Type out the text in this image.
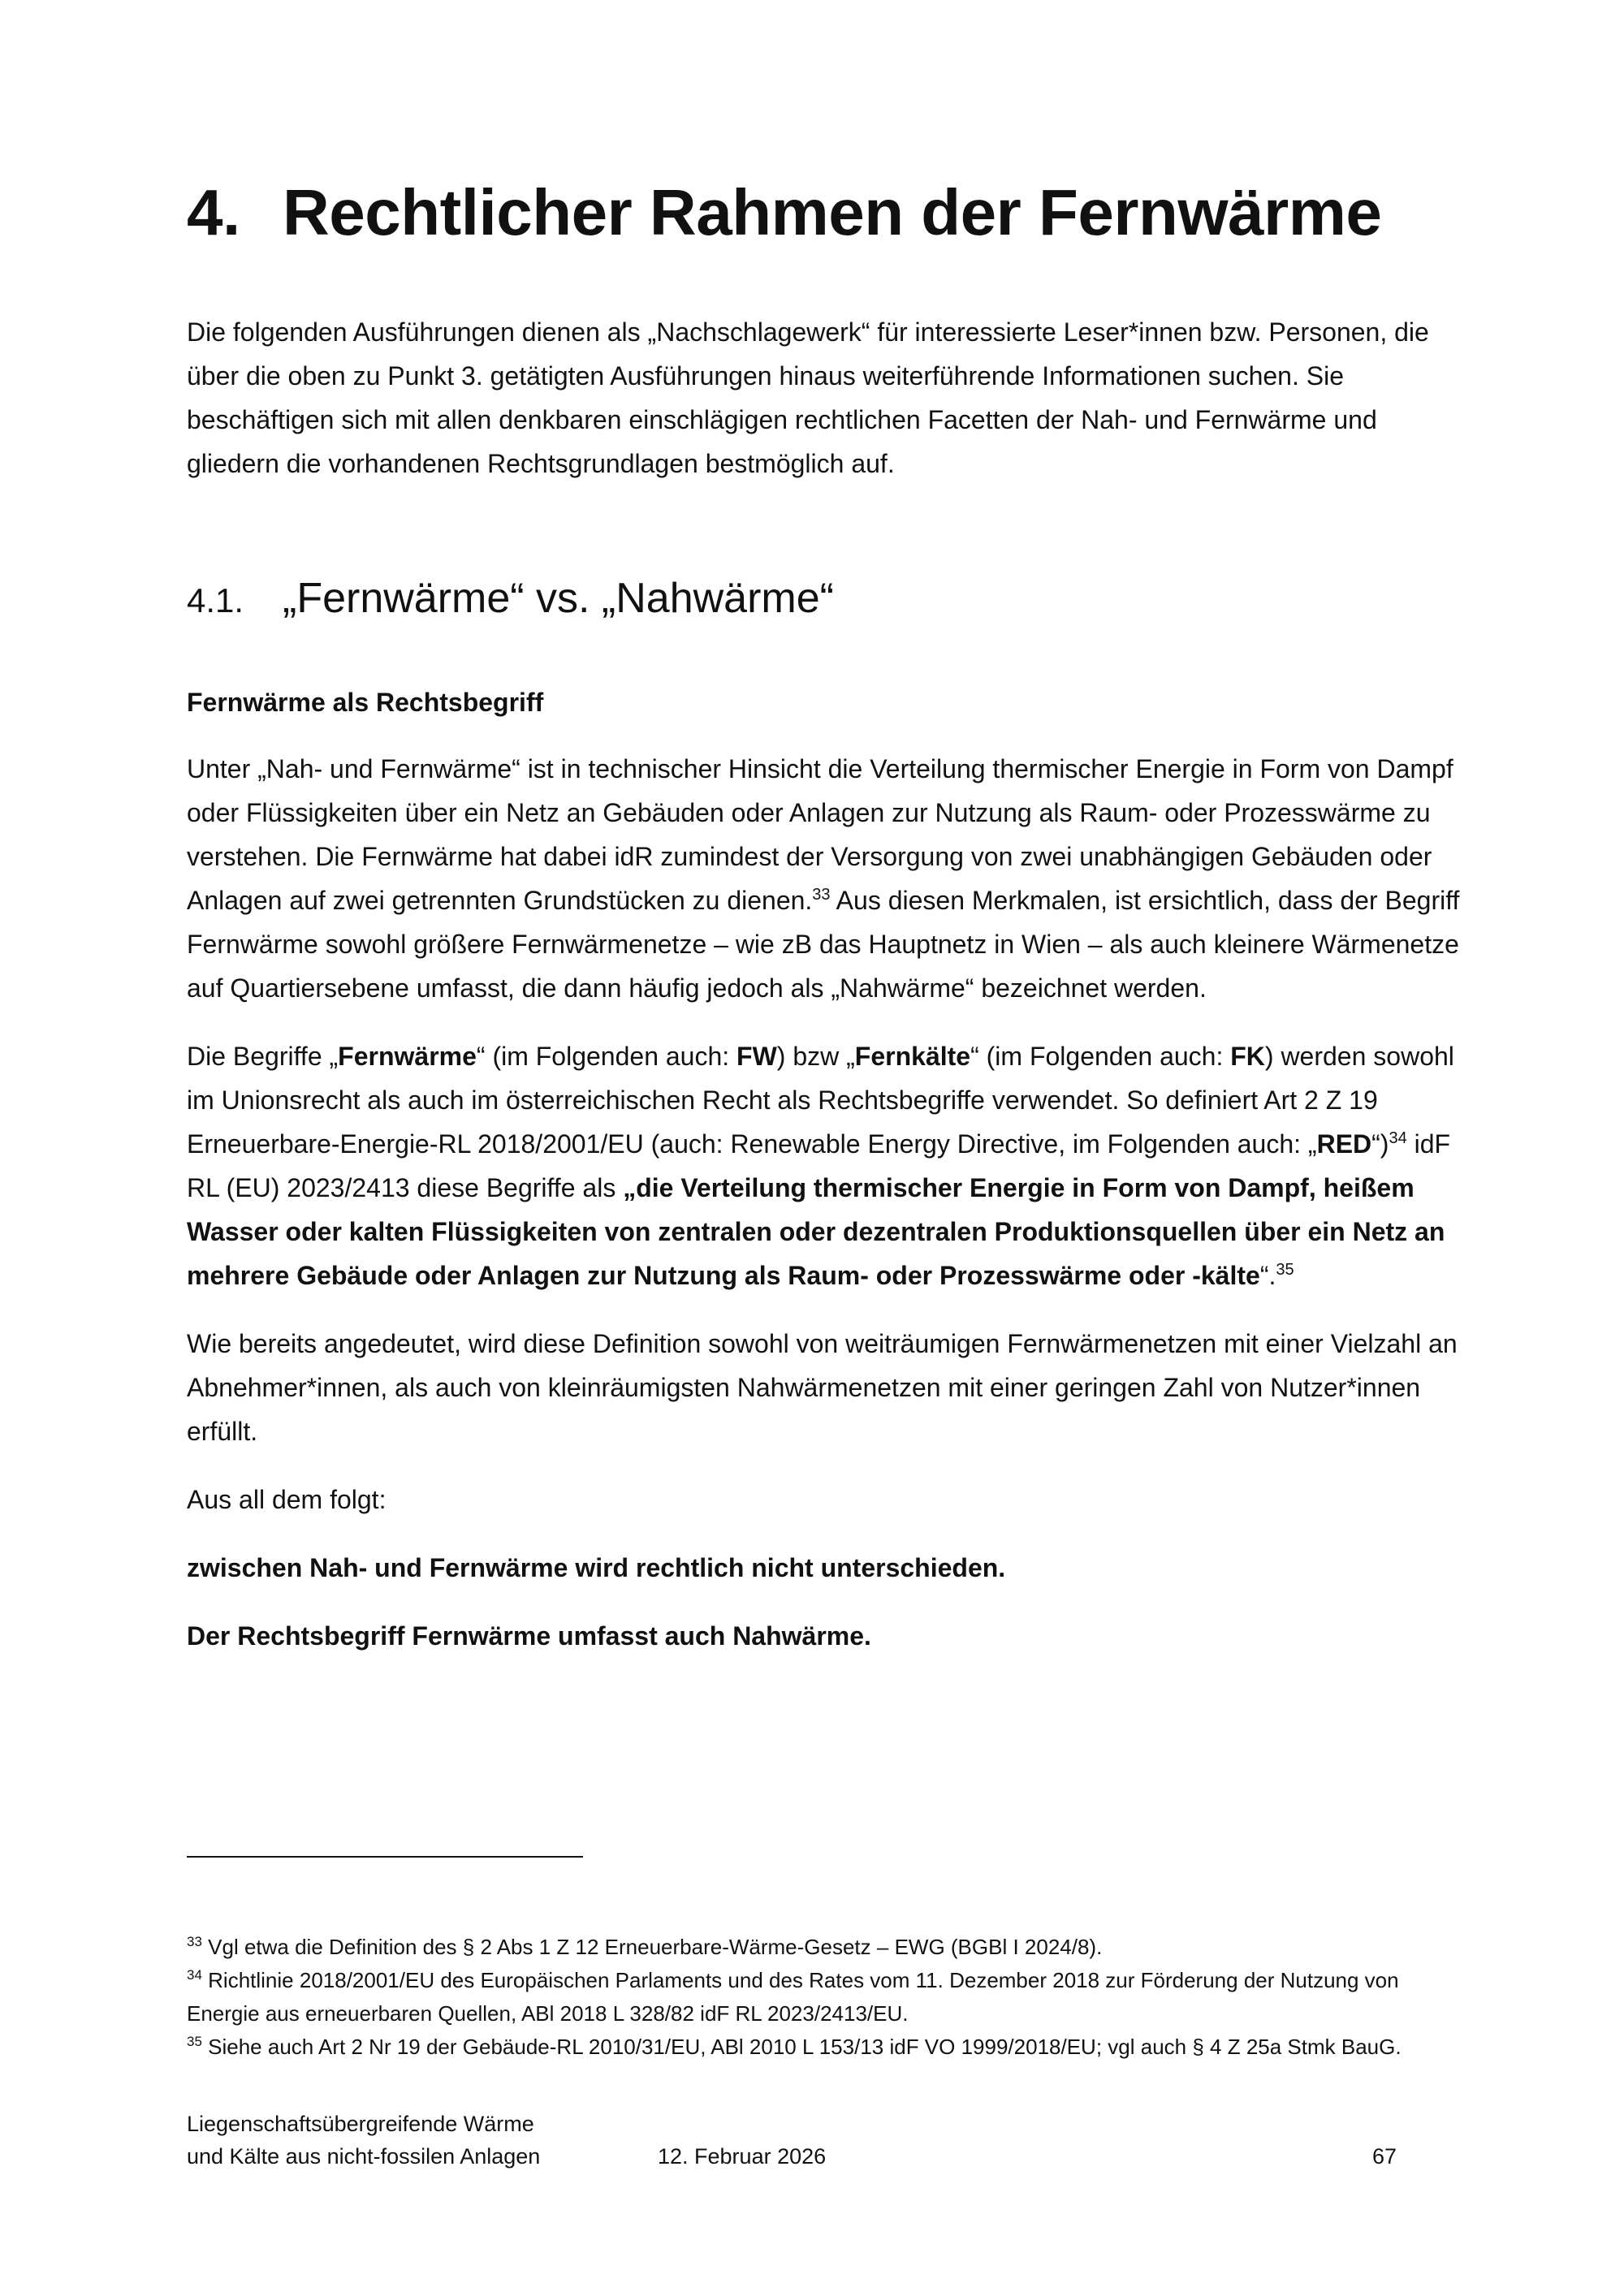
4. Rechtlicher Rahmen der Fernwärme

Die folgenden Ausführungen dienen als „Nachschlagewerk“ für interessierte Leser*innen bzw. Personen, die über die oben zu Punkt 3. getätigten Ausführungen hinaus weiterführende Informationen suchen. Sie beschäftigen sich mit allen denkbaren einschlägigen rechtlichen Facetten der Nah- und Fernwärme und gliedern die vorhandenen Rechtsgrundlagen bestmöglich auf.

4.1. „Fernwärme“ vs. „Nahwärme“

Fernwärme als Rechtsbegriff

Unter „Nah- und Fernwärme“ ist in technischer Hinsicht die Verteilung thermischer Energie in Form von Dampf oder Flüssigkeiten über ein Netz an Gebäuden oder Anlagen zur Nutzung als Raum- oder Prozesswärme zu verstehen. Die Fernwärme hat dabei idR zumindest der Versorgung von zwei unabhängigen Gebäuden oder Anlagen auf zwei getrennten Grundstücken zu dienen.$^{33}$ Aus diesen Merkmalen, ist ersichtlich, dass der Begriff Fernwärme sowohl größere Fernwärmenetze – wie zB das Hauptnetz in Wien – als auch kleinere Wärmenetze auf Quartiersebene umfasst, die dann häufig jedoch als „Nahwärme“ bezeichnet werden.

Die Begriffe „Fernwärme“ (im Folgenden auch: FW) bzw „Fernkälte“ (im Folgenden auch: FK) werden sowohl im Unionsrecht als auch im österreichischen Recht als Rechtsbegriffe verwendet. So definiert Art 2 Z 19 Erneuerbare-Energie-RL 2018/2001/EU (auch: Renewable Energy Directive, im Folgenden auch: „RED“)$^{34}$ idF RL (EU) 2023/2413 diese Begriffe als „die Verteilung thermischer Energie in Form von Dampf, heißem Wasser oder kalten Flüssigkeiten von zentralen oder dezentralen Produktionsquellen über ein Netz an mehrere Gebäude oder Anlagen zur Nutzung als Raum- oder Prozesswärme oder -kälte“.$^{35}$

Wie bereits angedeutet, wird diese Definition sowohl von weiträumigen Fernwärmenetzen mit einer Vielzahl an Abnehmer*innen, als auch von kleinräumigsten Nahwärmenetzen mit einer geringen Zahl von Nutzer*innen erfüllt.

Aus all dem folgt:

zwischen Nah- und Fernwärme wird rechtlich nicht unterschieden.

Der Rechtsbegriff Fernwärme umfasst auch Nahwärme.

$^{33}$ Vgl etwa die Definition des § 2 Abs 1 Z 12 Erneuerbare-Wärme-Gesetz – EWG (BGBl I 2024/8).

$^{34}$ Richtlinie 2018/2001/EU des Europäischen Parlaments und des Rates vom 11. Dezember 2018 zur Förderung der Nutzung von Energie aus erneuerbaren Quellen, ABl 2018 L 328/82 idF RL 2023/2413/EU.

$^{35}$ Siehe auch Art 2 Nr 19 der Gebäude-RL 2010/31/EU, ABl 2010 L 153/13 idF VO 1999/2018/EU; vgl auch § 4 Z 25a Stmk BauG.

Liegenschaftsübergreifende Wärme
und Kälte aus nicht-fossilen Anlagen	12. Februar 2026	67
